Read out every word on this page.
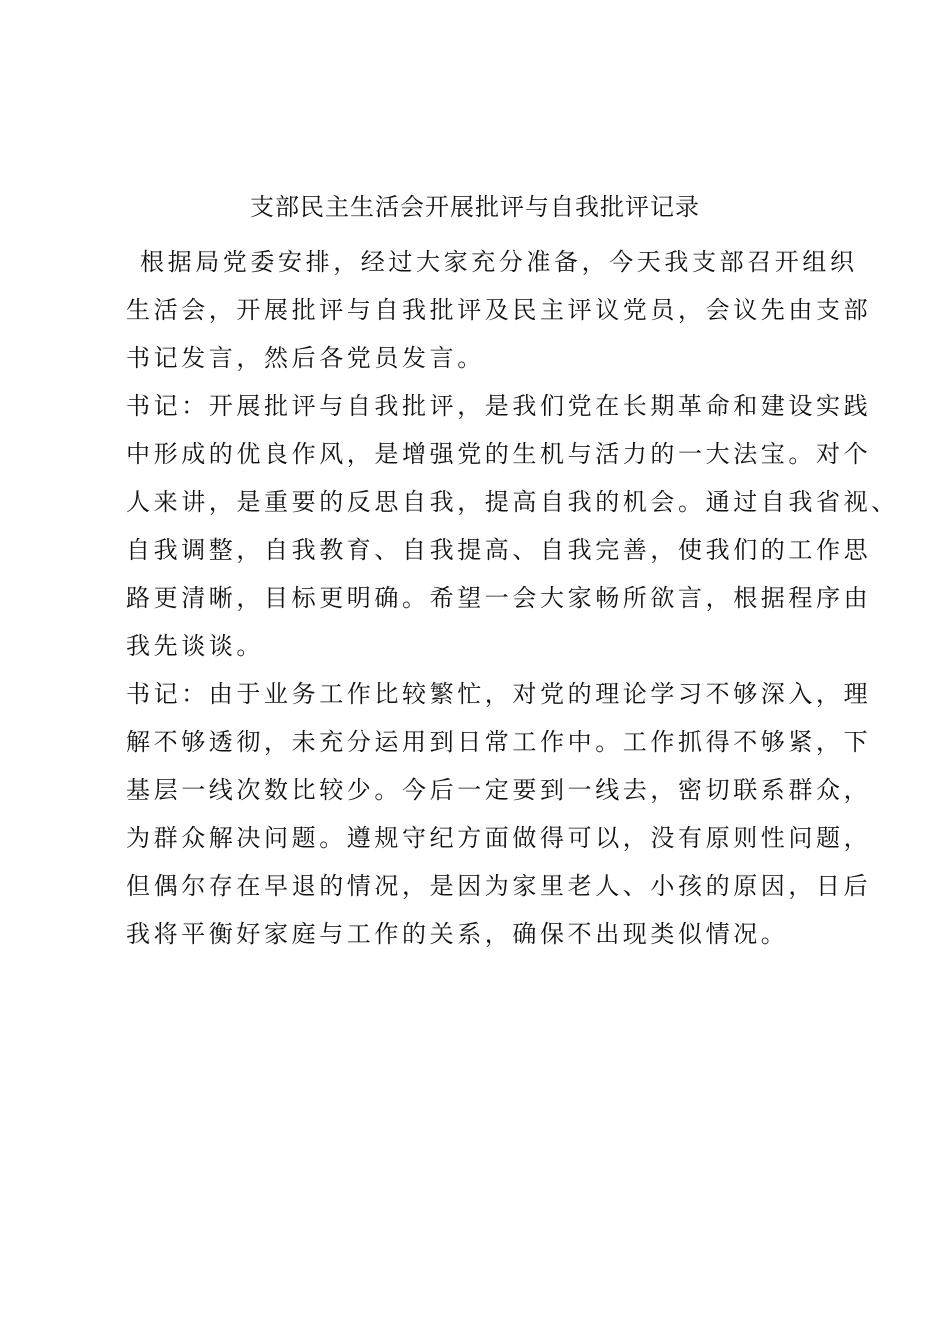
支部民主生活会开展批评与自我批评记录
根据局党委安排，经过大家充分准备，今天我支部召开组织
生活会，开展批评与自我批评及民主评议党员，会议先由支部
书记发言，然后各党员发言。
书记：开展批评与自我批评，是我们党在长期革命和建设实践
中形成的优良作风，是增强党的生机与活力的一大法宝。对个
人来讲，是重要的反思自我，提高自我的机会。通过自我省视、
自我调整，自我教育、自我提高、自我完善，使我们的工作思
路更清晰，目标更明确。希望一会大家畅所欲言，根据程序由
我先谈谈。
书记：由于业务工作比较繁忙，对党的理论学习不够深入，理
解不够透彻，未充分运用到日常工作中。工作抓得不够紧，下
基层一线次数比较少。今后一定要到一线去，密切联系群众，
为群众解决问题。遵规守纪方面做得可以，没有原则性问题，
但偶尔存在早退的情况，是因为家里老人、小孩的原因，日后
我将平衡好家庭与工作的关系，确保不出现类似情况。
